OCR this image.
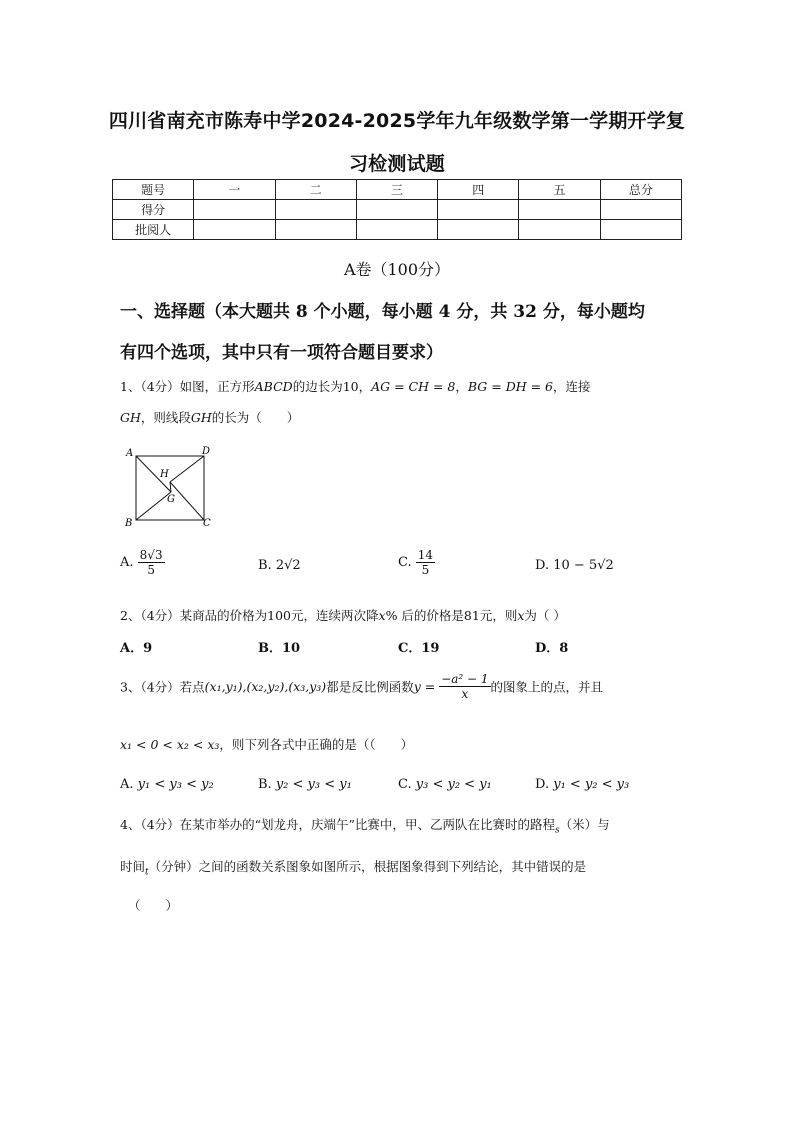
四川省南充市陈寿中学2024-2025学年九年级数学第一学期开学复
习检测试题
题号	一	二	三	四	五	总分
得分						
批阅人						
A卷（100分）
一、选择题（本大题共 8 个小题，每小题 4 分，共 32 分，每小题均
有四个选项，其中只有一项符合题目要求）
1、（4分）如图，正方形ABCD的边长为10，AG = CH = 8，BG = DH = 6，连接
GH，则线段GH的长为（　　）
A	D
B	C
H
G
A. $\frac{8√3}{5}$	B. 2√2	C. $\frac{14}{5}$	D. 10 − 5√2
2、（4分）某商品的价格为100元，连续两次降x% 后的价格是81元，则x为（ ）
A．9	B．10	C．19	D．8
3、（4分）若点(x₁,y₁),(x₂,y₂),(x₃,y₃)都是反比例函数$y = \frac{\text{−a² − 1}}{x}$ 的图象上的点，并且
x₁ < 0 < x₂ < x₃，则下列各式中正确的是（（　　）
A. y₁ < y₃ < y₂	B. y₂ < y₃ < y₁	C. y₃ < y₂ < y₁	D. y₁ < y₂ < y₃
4、（4分）在某市举办的“划龙舟，庆端午”比赛中，甲、乙两队在比赛时的路程$_s$（米）与
时间$_t$（分钟）之间的函数关系图象如图所示，根据图象得到下列结论，其中错误的是
（　　）
